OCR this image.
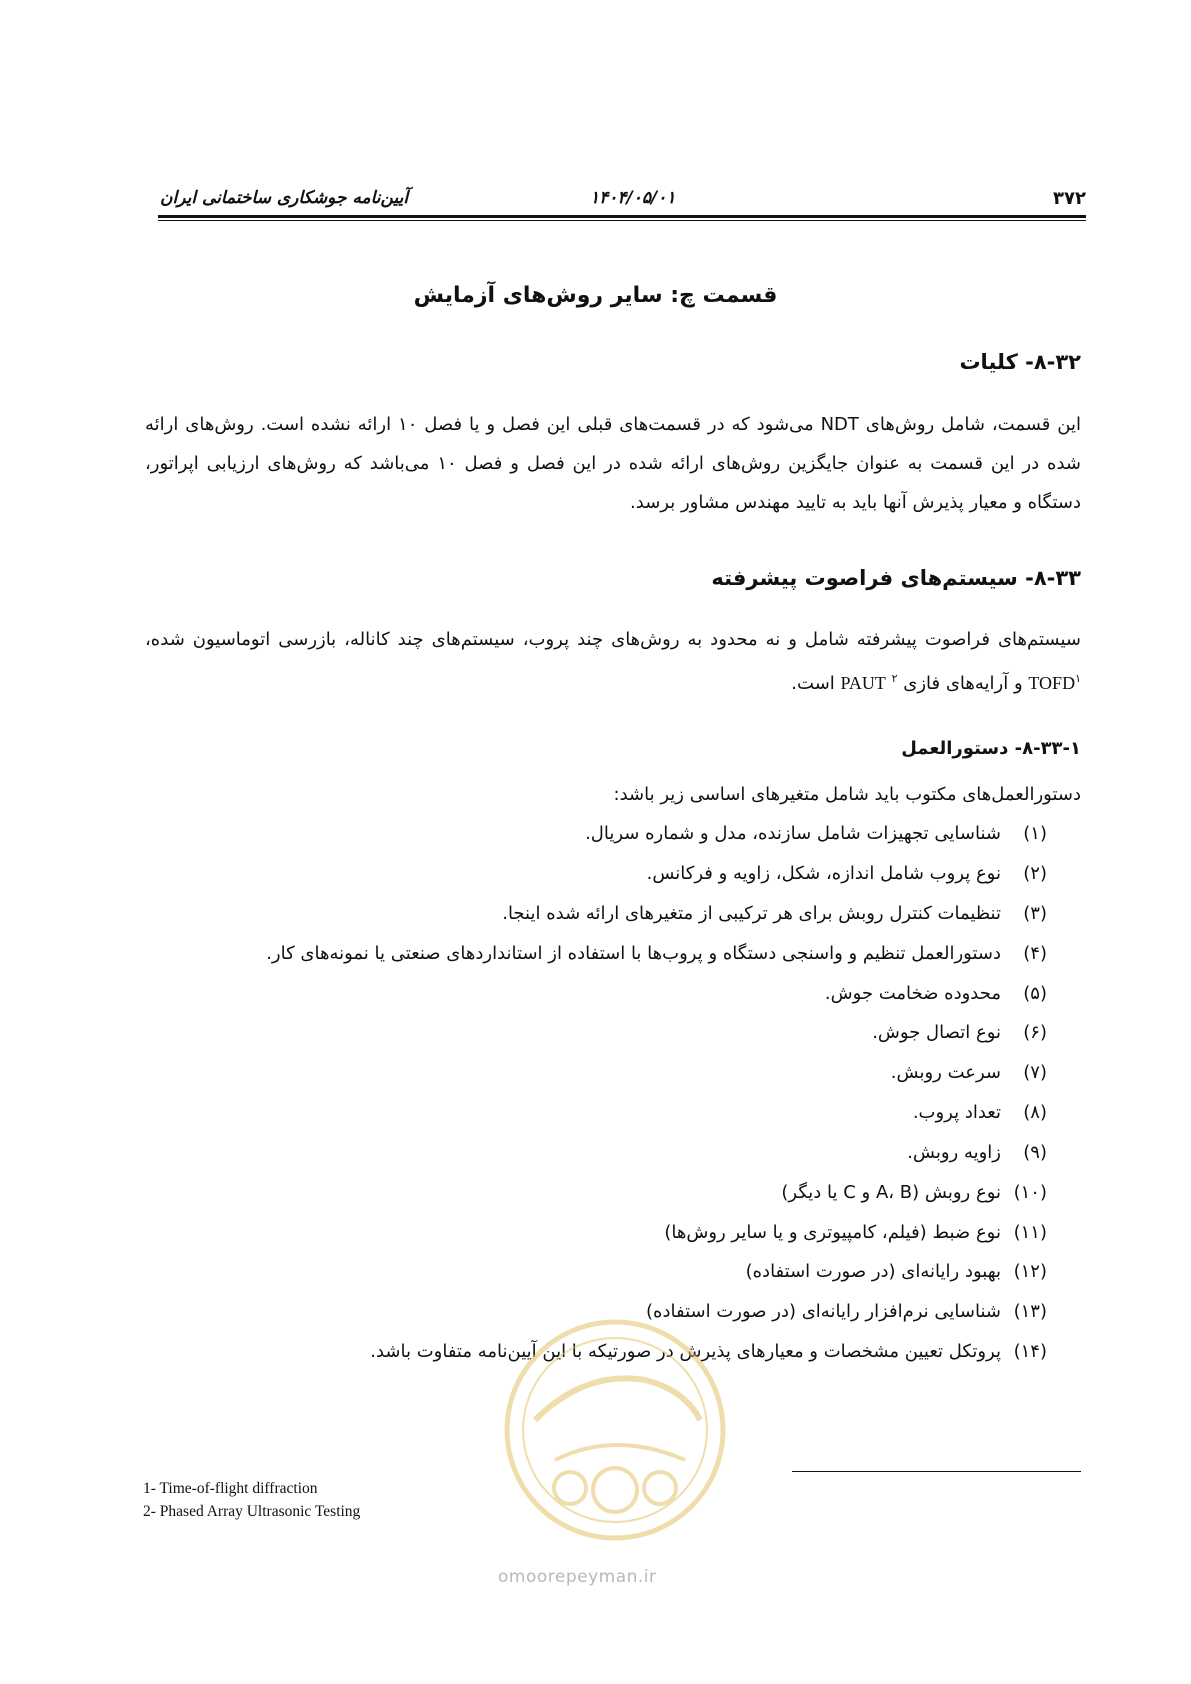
۳۷۲
۱۴۰۴/۰۵/۰۱
آیین‌نامه جوشکاری ساختمانی ایران
قسمت چ: سایر روش‌های آزمایش
۸-۳۲- کلیات
این قسمت، شامل روش‌های NDT می‌شود که در قسمت‌های قبلی این فصل و یا فصل ۱۰ ارائه نشده است. روش‌های ارائه شده در این قسمت به عنوان جایگزین روش‌های ارائه شده در این فصل و فصل ۱۰ می‌باشد که روش‌های ارزیابی اپراتور، دستگاه و معیار پذیرش آنها باید به تایید مهندس مشاور برسد.
۸-۳۳- سیستم‌های فراصوت پیشرفته
سیستم‌های فراصوت پیشرفته شامل و نه محدود به روش‌های چند پروب، سیستم‌های چند کاناله، بازرسی اتوماسیون شده، TOFD$^۱$ و آرایه‌های فازی PAUT $^۲$ است.
۸-۳۳-۱- دستورالعمل
دستورالعمل‌های مکتوب باید شامل متغیرهای اساسی زیر باشد:
(۱)شناسایی تجهیزات شامل سازنده، مدل و شماره سریال.
(۲)نوع پروب شامل اندازه، شکل، زاویه و فرکانس.
(۳)تنظیمات کنترل روبش برای هر ترکیبی از متغیرهای ارائه شده اینجا.
(۴)دستورالعمل تنظیم و واسنجی دستگاه و پروب‌ها با استفاده از استانداردهای صنعتی یا نمونه‌های کار.
(۵)محدوده ضخامت جوش.
(۶)نوع اتصال جوش.
(۷)سرعت روبش.
(۸)تعداد پروب.
(۹)زاویه روبش.
(۱۰)نوع روبش (A، B و C یا دیگر)
(۱۱)نوع ضبط (فیلم، کامپیوتری و یا سایر روش‌ها)
(۱۲)بهبود رایانه‌ای (در صورت استفاده)
(۱۳)شناسایی نرم‌افزار رایانه‌ای (در صورت استفاده)
(۱۴)پروتکل تعیین مشخصات و معیارهای پذیرش در صورتیکه با این آیین‌نامه متفاوت باشد.
omoorepeyman.ir
1- Time-of-flight diffraction
2- Phased Array Ultrasonic Testing
